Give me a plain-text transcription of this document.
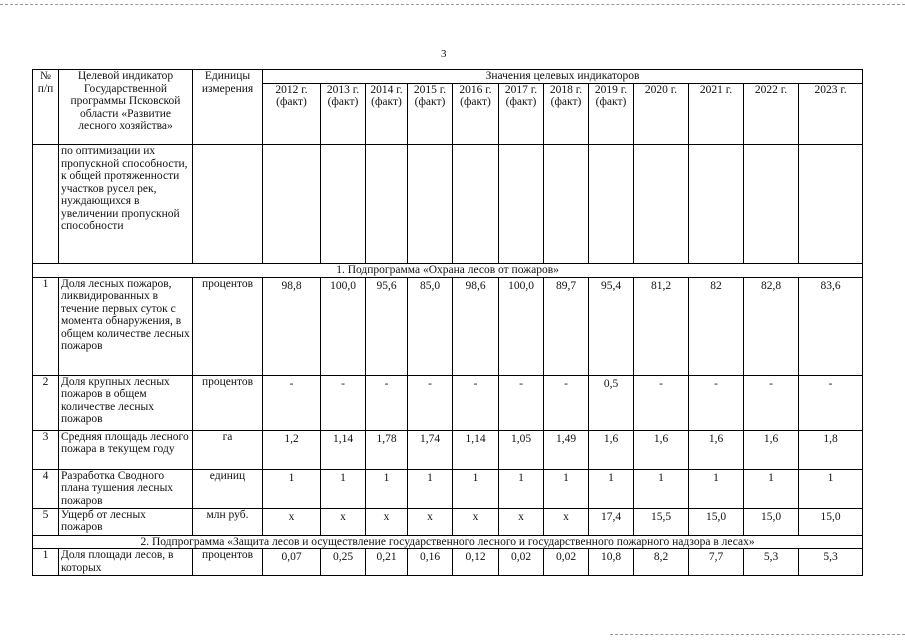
3
№ п/п	Целевой индикатор Государственной программы Псковской области «Развитие лесного хозяйства»	Единицы измерения	Значения целевых индикаторов											
			2012 г. (факт)	2013 г. (факт)	2014 г. (факт)	2015 г. (факт)	2016 г. (факт)	2017 г. (факт)	2018 г. (факт)	2019 г. (факт)	2020 г.	2021 г.	2022 г.	2023 г.
	по оптимизации их пропускной способности, к общей протяженности участков русел рек, нуждающихся в увеличении пропускной способности													
1. Подпрограмма «Охрана лесов от пожаров»														
1	Доля лесных пожаров, ликвидированных в течение первых суток с момента обнаружения, в общем количестве лесных пожаров	процентов	98,8	100,0	95,6	85,0	98,6	100,0	89,7	95,4	81,2	82	82,8	83,6
2	Доля крупных лесных пожаров в общем количестве лесных пожаров	процентов	-	-	-	-	-	-	-	0,5	-	-	-	-
3	Средняя площадь лесного пожара в текущем году	га	1,2	1,14	1,78	1,74	1,14	1,05	1,49	1,6	1,6	1,6	1,6	1,8
4	Разработка Сводного плана тушения лесных пожаров	единиц	1	1	1	1	1	1	1	1	1	1	1	1
5	Ущерб от лесных пожаров	млн руб.	х	х	х	х	х	х	х	17,4	15,5	15,0	15,0	15,0
2. Подпрограмма «Защита лесов и осуществление государственного лесного и государственного пожарного надзора в лесах»														
1	Доля площади лесов, в которых	процентов	0,07	0,25	0,21	0,16	0,12	0,02	0,02	10,8	8,2	7,7	5,3	5,3
